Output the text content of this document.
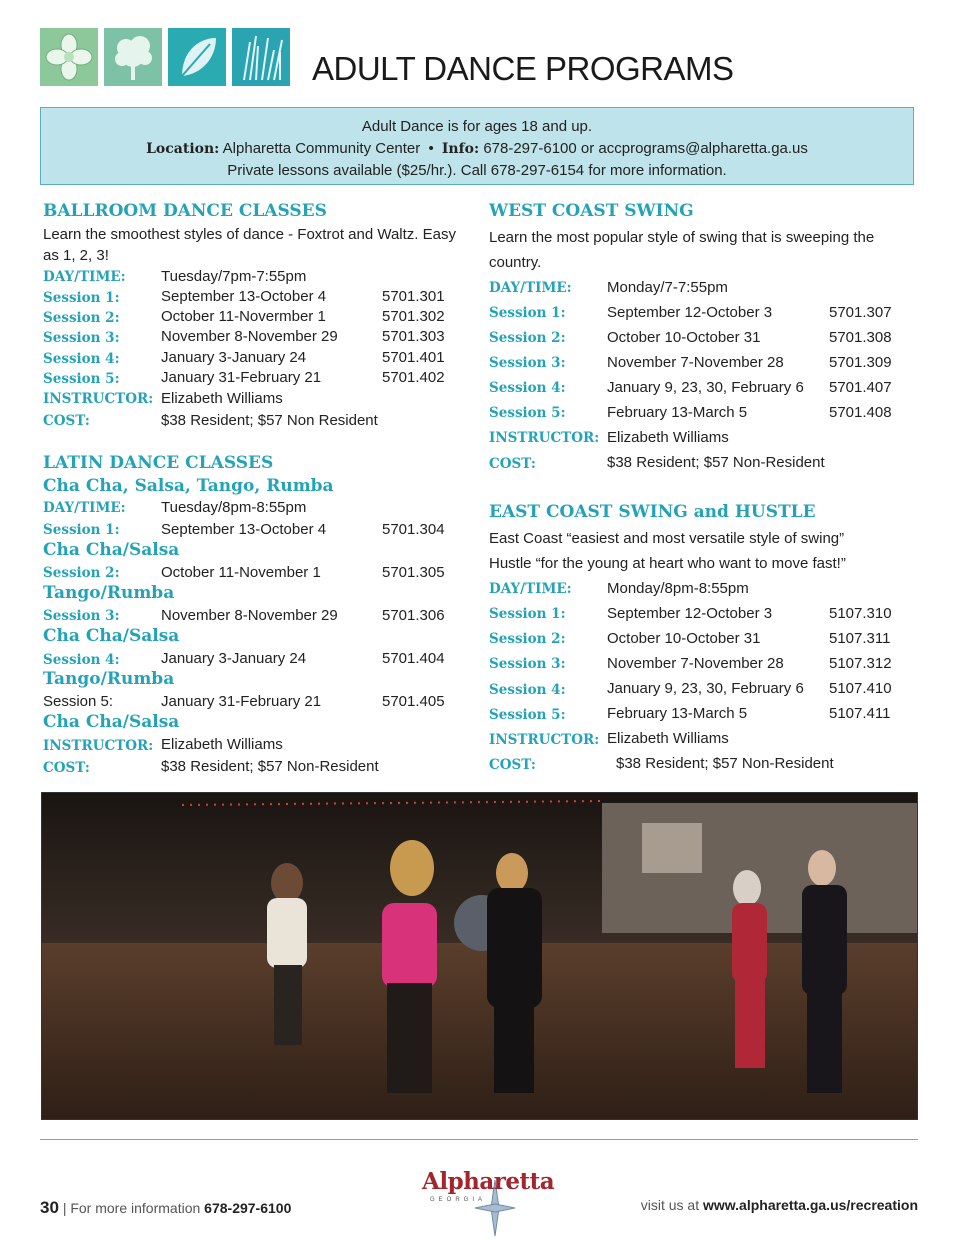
ADULT DANCE PROGRAMS
Adult Dance is for ages 18 and up.
Location: Alpharetta Community Center • Info: 678-297-6100 or accprograms@alpharetta.ga.us
Private lessons available ($25/hr.). Call 678-297-6154 for more information.
BALLROOM DANCE CLASSES
Learn the smoothest styles of dance - Foxtrot and Waltz. Easy
as 1, 2, 3!
DAY/TIME: Tuesday/7pm-7:55pm
Session 1:	September 13-October 4	5701.301
Session 2:	October 11-Novermber 1	5701.302
Session 3:	November 8-November 29	5701.303
Session 4:	January 3-January 24	5701.401
Session 5:	January 31-February 21	5701.402
INSTRUCTOR: Elizabeth Williams
COST:	$38 Resident; $57 Non Resident
LATIN DANCE CLASSES
Cha Cha, Salsa, Tango, Rumba
DAY/TIME: Tuesday/8pm-8:55pm
Session 1:	September 13-October 4	5701.304
Cha Cha/Salsa
Session 2:	October 11-November 1	5701.305
Tango/Rumba
Session 3:	November 8-November 29	5701.306
Cha Cha/Salsa
Session 4:	January 3-January 24	5701.404
Tango/Rumba
Session 5:	January 31-February 21	5701.405
Cha Cha/Salsa
INSTRUCTOR: Elizabeth Williams
COST:	$38 Resident; $57 Non-Resident
WEST COAST SWING
Learn the most popular style of swing that is sweeping the
country.
DAY/TIME: Monday/7-7:55pm
Session 1:	September 12-October 3	5701.307
Session 2:	October 10-October 31	5701.308
Session 3:	November 7-November 28	5701.309
Session 4:	January 9, 23, 30, February 6 5701.407
Session 5:	February 13-March 5	5701.408
INSTRUCTOR: Elizabeth Williams
COST:	$38 Resident; $57 Non-Resident
EAST COAST SWING and HUSTLE
East Coast “easiest and most versatile style of swing”
Hustle “for the young at heart who want to move fast!”
DAY/TIME: Monday/8pm-8:55pm
Session 1:	September 12-October 3	5107.310
Session 2:	October 10-October 31	5107.311
Session 3:	November 7-November 28	5107.312
Session 4:	January 9, 23, 30, February 6 5107.410
Session 5:	February 13-March 5	5107.411
INSTRUCTOR: Elizabeth Williams
COST:	$38 Resident; $57 Non-Resident
30 | For more information 678-297-6100
Alpharetta
GEORGIA	visit us at www.alpharetta.ga.us/recreation
